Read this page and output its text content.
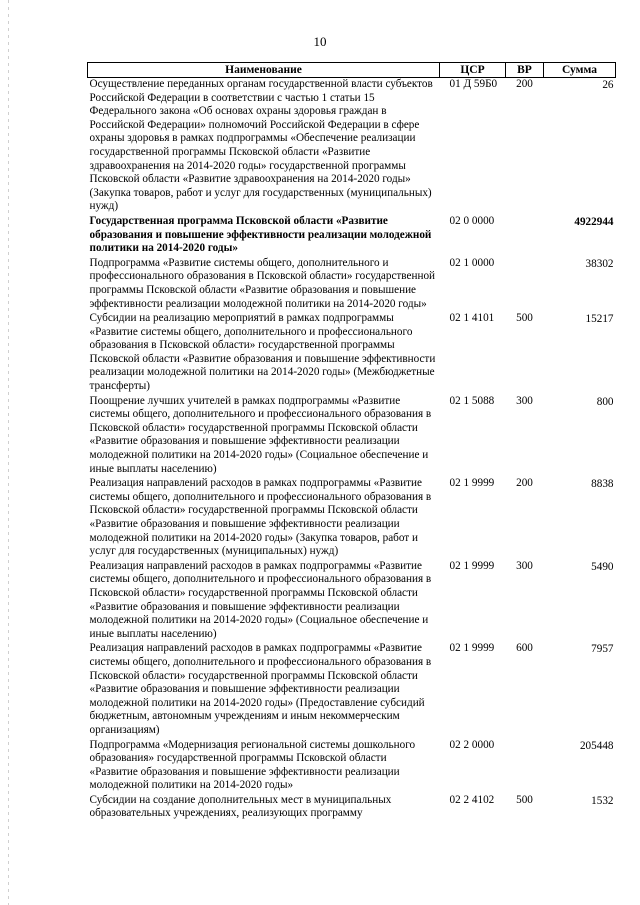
10
Наименование	ЦСР	ВР	Сумма
Осуществление переданных органам государственной власти субъектов Российской Федерации в соответствии с частью 1 статьи 15 Федерального закона «Об основах охраны здоровья граждан в Российской Федерации» полномочий Российской Федерации в сфере охраны здоровья в рамках подпрограммы «Обеспечение реализации государственной программы Псковской области «Развитие здравоохранения на 2014-2020 годы» государственной программы Псковской области «Развитие здравоохранения на 2014-2020 годы» (Закупка товаров, работ и услуг для государственных (муниципальных) нужд)	01 Д 59Б0	200	26
Государственная программа Псковской области «Развитие образования и повышение эффективности реализации молодежной политики на 2014-2020 годы»	02 0 0000		4922944
Подпрограмма «Развитие системы общего, дополнительного и профессионального образования в Псковской области» государственной программы Псковской области «Развитие образования и повышение эффективности реализации молодежной политики на 2014-2020 годы»	02 1 0000		38302
Субсидии на реализацию мероприятий в рамках подпрограммы «Развитие системы общего, дополнительного и профессионального образования в Псковской области» государственной программы Псковской области «Развитие образования и повышение эффективности реализации молодежной политики на 2014-2020 годы» (Межбюджетные трансферты)	02 1 4101	500	15217
Поощрение лучших учителей в рамках подпрограммы «Развитие системы общего, дополнительного и профессионального образования в Псковской области» государственной программы Псковской области «Развитие образования и повышение эффективности реализации молодежной политики на 2014-2020 годы» (Социальное обеспечение и иные выплаты населению)	02 1 5088	300	800
Реализация направлений расходов в рамках подпрограммы «Развитие системы общего, дополнительного и профессионального образования в Псковской области» государственной программы Псковской области «Развитие образования и повышение эффективности реализации молодежной политики на 2014-2020 годы» (Закупка товаров, работ и услуг для государственных (муниципальных) нужд)	02 1 9999	200	8838
Реализация направлений расходов в рамках подпрограммы «Развитие системы общего, дополнительного и профессионального образования в Псковской области» государственной программы Псковской области «Развитие образования и повышение эффективности реализации молодежной политики на 2014-2020 годы» (Социальное обеспечение и иные выплаты населению)	02 1 9999	300	5490
Реализация направлений расходов в рамках подпрограммы «Развитие системы общего, дополнительного и профессионального образования в Псковской области» государственной программы Псковской области «Развитие образования и повышение эффективности реализации молодежной политики на 2014-2020 годы» (Предоставление субсидий бюджетным, автономным учреждениям и иным некоммерческим организациям)	02 1 9999	600	7957
Подпрограмма «Модернизация региональной системы дошкольного образования» государственной программы Псковской области «Развитие образования и повышение эффективности реализации молодежной политики на 2014-2020 годы»	02 2 0000		205448
Субсидии на создание дополнительных мест в муниципальных образовательных учреждениях, реализующих программу	02 2 4102	500	1532
